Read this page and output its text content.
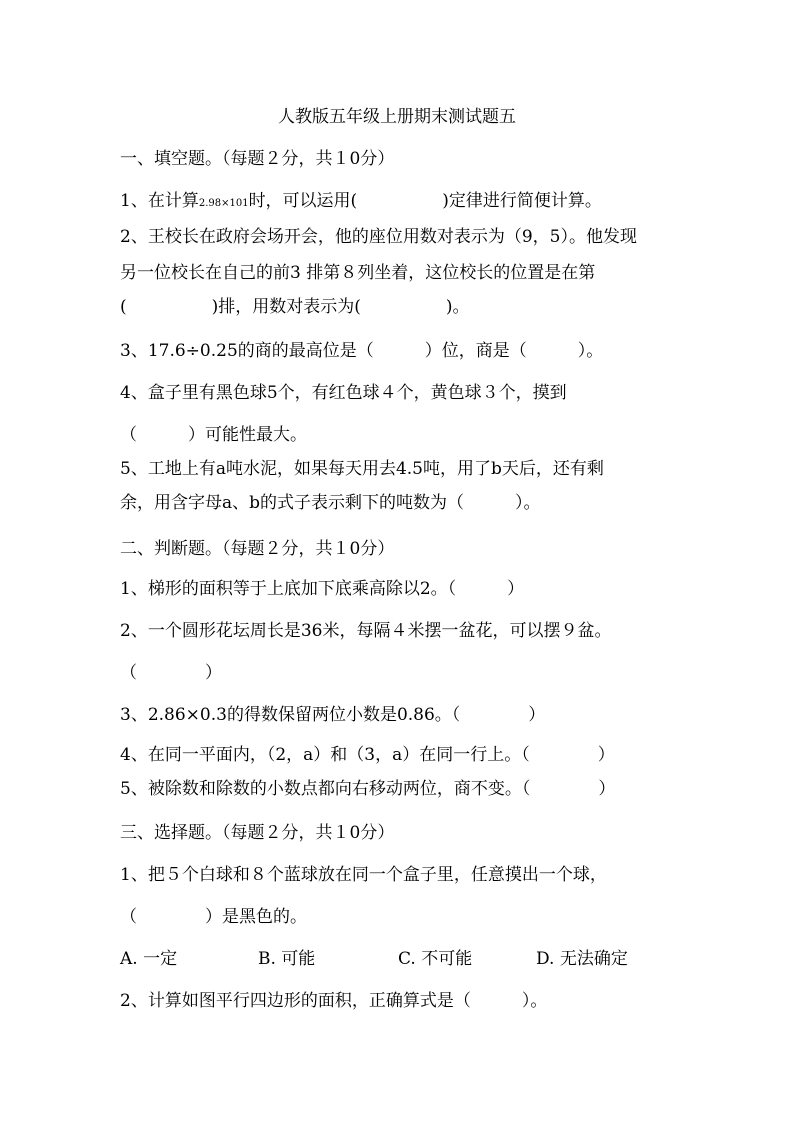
人教版五年级上册期末测试题五
一、填空题。（每题２分，共１0分）
1、在计算2.98×101时，可以运用(　　　　　)定律进行简便计算。
2、王校长在政府会场开会，他的座位用数对表示为（9，5）。他发现
另一位校长在自己的前3 排第８列坐着，这位校长的位置是在第
(　　　　　)排，用数对表示为(　　　　　)。
3、17.6÷0.25的商的最高位是（　　　）位，商是（　　　）。
4、盒子里有黑色球5个，有红色球４个，黄色球３个，摸到
（　　　）可能性最大。
5、工地上有a吨水泥，如果每天用去4.5吨，用了b天后，还有剩
余，用含字母a、b的式子表示剩下的吨数为（　　　）。
二、判断题。（每题２分，共１0分）
1、梯形的面积等于上底加下底乘高除以2。（　　　）
2、一个圆形花坛周长是36米，每隔４米摆一盆花，可以摆９盆。
（　　　　）
3、2.86×0.3的得数保留两位小数是0.86。（　　　　）
4、在同一平面内，（2，a）和（3，a）在同一行上。（　　　　）
5、被除数和除数的小数点都向右移动两位，商不变。（　　　　）
三、选择题。（每题２分，共１0分）
1、把５个白球和８个蓝球放在同一个盒子里，任意摸出一个球，
（　　　　）是黑色的。
A. 一定	B. 可能	C. 不可能	D. 无法确定
2、计算如图平行四边形的面积，正确算式是（　　　）。
